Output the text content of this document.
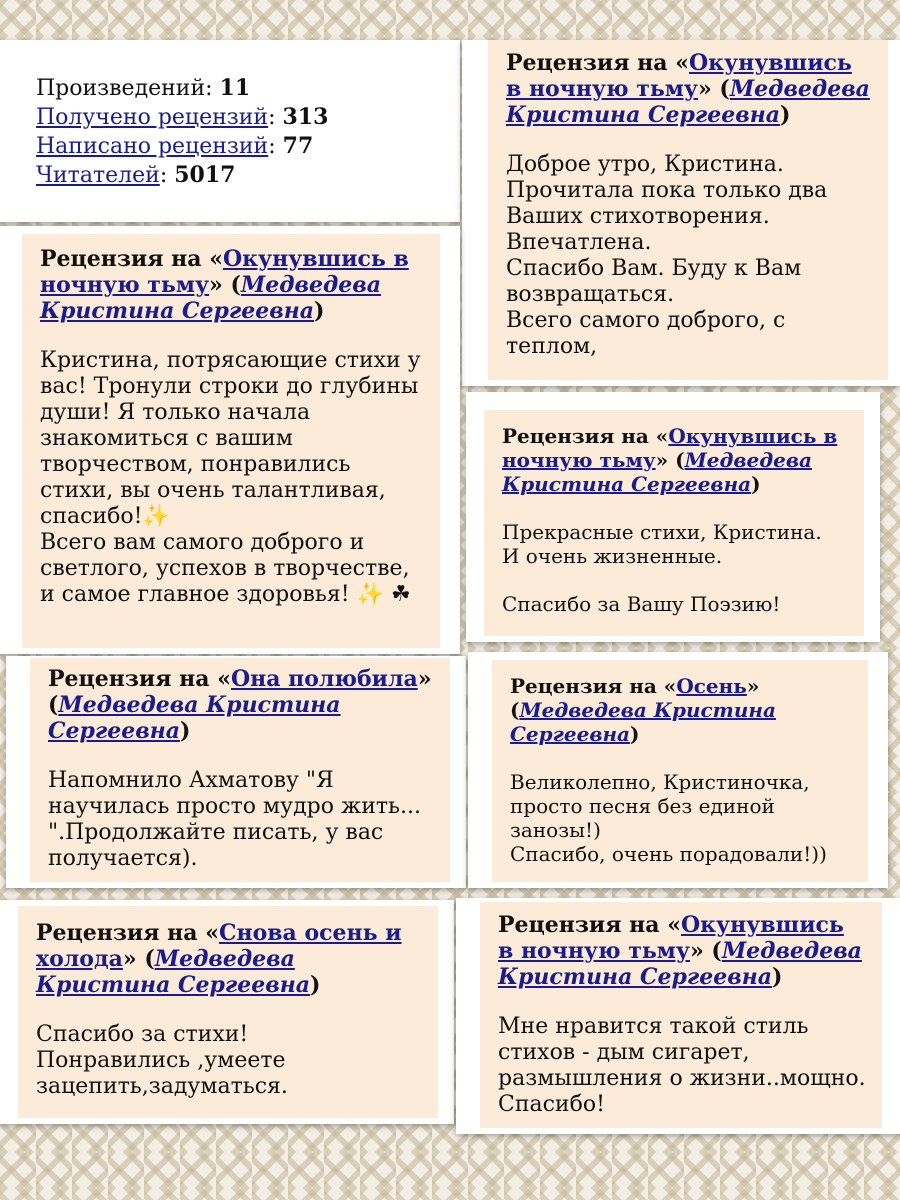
Произведений: 11
Получено рецензий: 313
Написано рецензий: 77
Читателей: 5017

Рецензия на «Окунувшись в ночную тьму» (Медведева Кристина Сергеевна)

Доброе утро, Кристина.
Прочитала пока только два Ваших стихотворения.
Впечатлена.
Спасибо Вам. Буду к Вам возвращаться.
Всего самого доброго, с теплом,

Рецензия на «Окунувшись в ночную тьму» (Медведева Кристина Сергеевна)

Кристина, потрясающие стихи у вас! Тронули строки до глубины души! Я только начала знакомиться с вашим творчеством, понравились стихи, вы очень талантливая, спасибо!✨
Всего вам самого доброго и светлого, успехов в творчестве, и самое главное здоровья! ✨ ☘

Рецензия на «Окунувшись в ночную тьму» (Медведева Кристина Сергеевна)

Прекрасные стихи, Кристина.
И очень жизненные.

Спасибо за Вашу Поэзию!

Рецензия на «Она полюбила» (Медведева Кристина Сергеевна)

Напомнило Ахматову "Я научилась просто мудро жить... ".Продолжайте писать, у вас получается).

Рецензия на «Осень» (Медведева Кристина Сергеевна)

Великолепно, Кристиночка, просто песня без единой занозы!)
Спасибо, очень порадовали!))

Рецензия на «Снова осень и холода» (Медведева Кристина Сергеевна)

Спасибо за стихи!
Понравились ,умеете зацепить,задуматься.

Рецензия на «Окунувшись в ночную тьму» (Медведева Кристина Сергеевна)

Мне нравится такой стиль стихов - дым сигарет, размышления о жизни..мощно. Спасибо!
